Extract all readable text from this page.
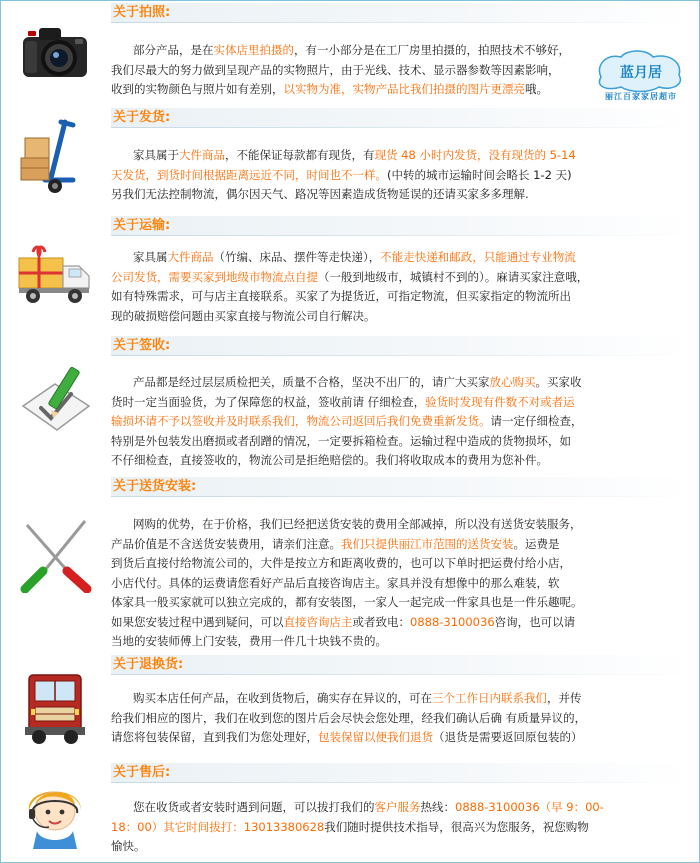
关于拍照:
部分产品，是在实体店里拍摄的，有一小部分是在工厂房里拍摄的，拍照技术不够好，
我们尽最大的努力做到呈现产品的实物照片，由于光线、技术、显示器参数等因素影响，
收到的实物颜色与照片如有差别，以实物为准，实物产品比我们拍摄的图片更漂亮哦。
蓝月居
丽江百家家居超市
关于发货:
家具属于大件商品，不能保证每款都有现货，有现货 48 小时内发货，没有现货的 5-14
天发货，到货时间根据距离远近不同，时间也不一样。(中转的城市运输时间会略长 1-2 天)
另我们无法控制物流，偶尔因天气、路况等因素造成货物延误的还请买家多多理解.
关于运输:
家具属大件商品（竹编、床品、摆件等走快递），不能走快递和邮政，只能通过专业物流
公司发货，需要买家到地级市物流点自提（一般到地级市，城镇村不到的）。麻请买家注意哦，
如有特殊需求，可与店主直接联系。买家了为提货近，可指定物流，但买家指定的物流所出
现的破损赔偿问题由买家直接与物流公司自行解决。
关于签收:
产品都是经过层层质检把关，质量不合格，坚决不出厂的，请广大买家放心购买。买家收
货时一定当面验货，为了保障您的权益，签收前请 仔细检查，验货时发现有件数不对或者运
输损坏请不予以签收并及时联系我们，物流公司返回后我们免费重新发货。请一定仔细检查，
特别是外包装发出磨损或者刮蹭的情况，一定要拆箱检查。运输过程中造成的货物损坏，如
不仔细检查，直接签收的，物流公司是拒绝赔偿的。我们将收取成本的费用为您补件。
关于送货安装:
网购的优势，在于价格，我们已经把送货安装的费用全部减掉，所以没有送货安装服务，
产品价值是不含送货安装费用，请亲们注意。我们只提供丽江市范围的送货安装。运费是
到货后直接付给物流公司的，大件是按立方和距离收费的，也可以下单时把运费付给小店，
小店代付。具体的运费请您看好产品后直接咨询店主。家具并没有想像中的那么难装，软
体家具一般买家就可以独立完成的，都有安装图，一家人一起完成一件家具也是一件乐趣呢。
如果您安装过程中遇到疑问，可以直接咨询店主或者致电：0888-3100036咨询，也可以请
当地的安装师傅上门安装，费用一件几十块钱不贵的。
关于退换货:
购买本店任何产品，在收到货物后，确实存在异议的，可在三个工作日内联系我们，并传
给我们相应的图片，我们在收到您的图片后会尽快会您处理，经我们确认后确 有质量异议的，
请您将包装保留，直到我们为您处理好，包装保留以便我们退货（退货是需要返回原包装的）
关于售后:
您在收货或者安装时遇到问题，可以拔打我们的客户服务热线：0888-3100036（早 9：00-
18：00）其它时间拔打：13013380628我们随时提供技术指导，很高兴为您服务，祝您购物
愉快。
